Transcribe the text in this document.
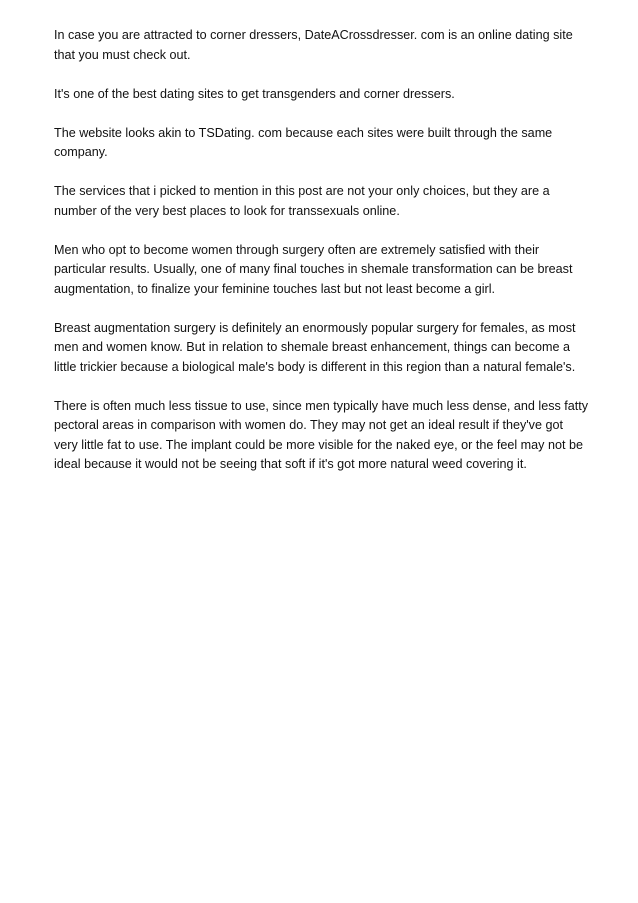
In case you are attracted to corner dressers, DateACrossdresser. com is an online dating site that you must check out.

It's one of the best dating sites to get transgenders and corner dressers.

The website looks akin to TSDating. com because each sites were built through the same company.

The services that i picked to mention in this post are not your only choices, but they are a number of the very best places to look for transsexuals online.

Men who opt to become women through surgery often are extremely satisfied with their particular results. Usually, one of many final touches in shemale transformation can be breast augmentation, to finalize your feminine touches last but not least become a girl.

Breast augmentation surgery is definitely an enormously popular surgery for females, as most men and women know. But in relation to shemale breast enhancement, things can become a little trickier because a biological male's body is different in this region than a natural female's.

There is often much less tissue to use, since men typically have much less dense, and less fatty pectoral areas in comparison with women do. They may not get an ideal result if they've got very little fat to use. The implant could be more visible for the naked eye, or the feel may not be ideal because it would not be seeing that soft if it's got more natural weed covering it.
